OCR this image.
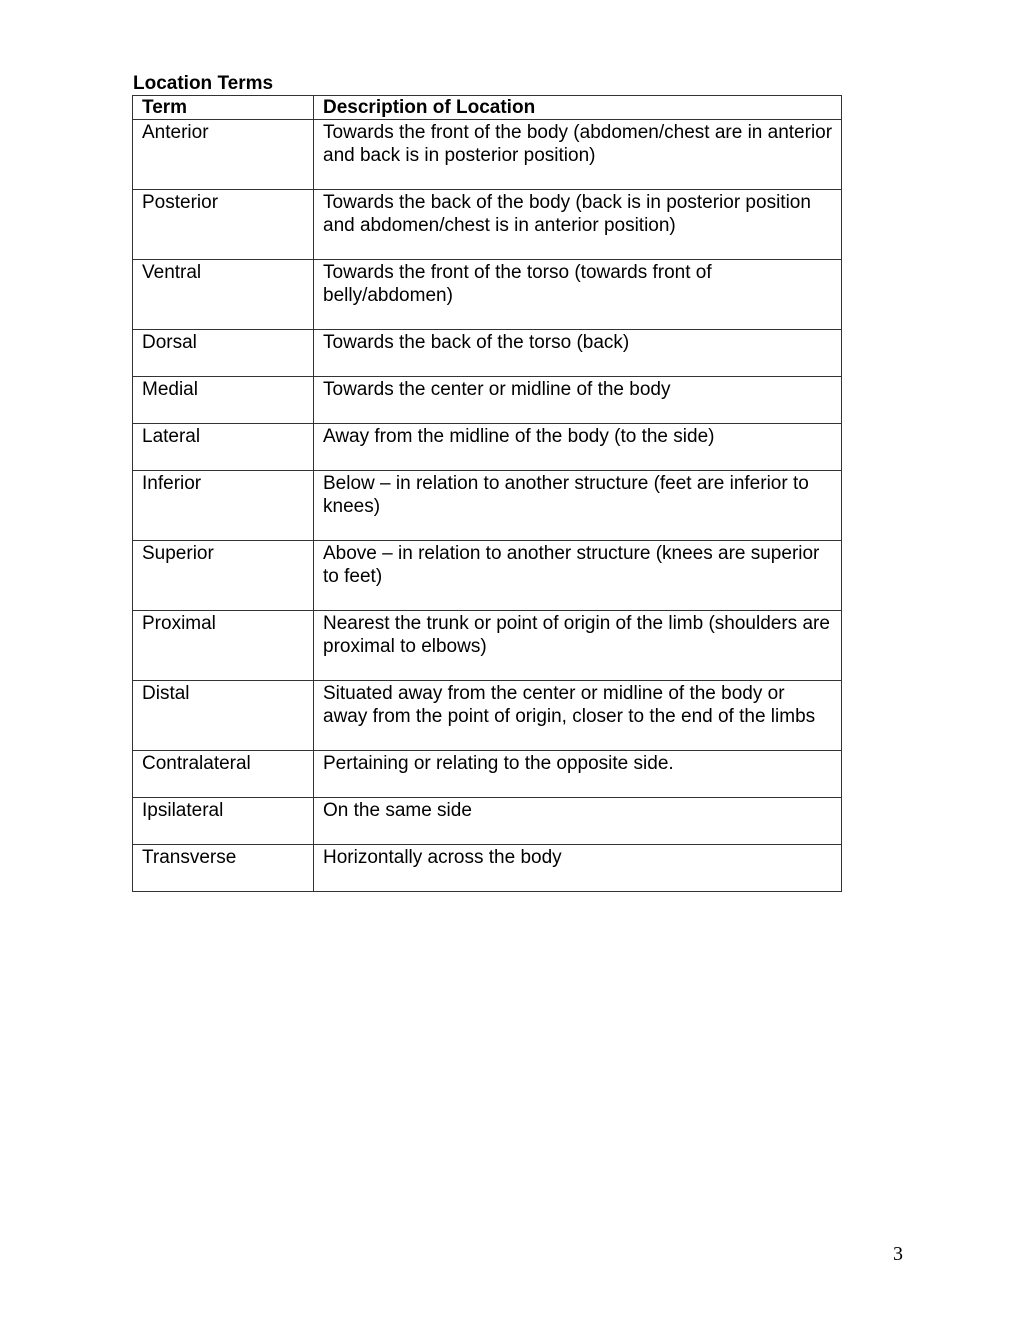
Location Terms
Term	Description of Location
Anterior	Towards the front of the body (abdomen/chest are in anterior and back is in posterior position)
Posterior	Towards the back of the body (back is in posterior position and abdomen/chest is in anterior position)
Ventral	Towards the front of the torso (towards front of belly/abdomen)
Dorsal	Towards the back of the torso (back)
Medial	Towards the center or midline of the body
Lateral	Away from the midline of the body (to the side)
Inferior	Below – in relation to another structure (feet are inferior to knees)
Superior	Above – in relation to another structure (knees are superior to feet)
Proximal	Nearest the trunk or point of origin of the limb (shoulders are proximal to elbows)
Distal	Situated away from the center or midline of the body or away from the point of origin, closer to the end of the limbs
Contralateral	Pertaining or relating to the opposite side.
Ipsilateral	On the same side
Transverse	Horizontally across the body
3
